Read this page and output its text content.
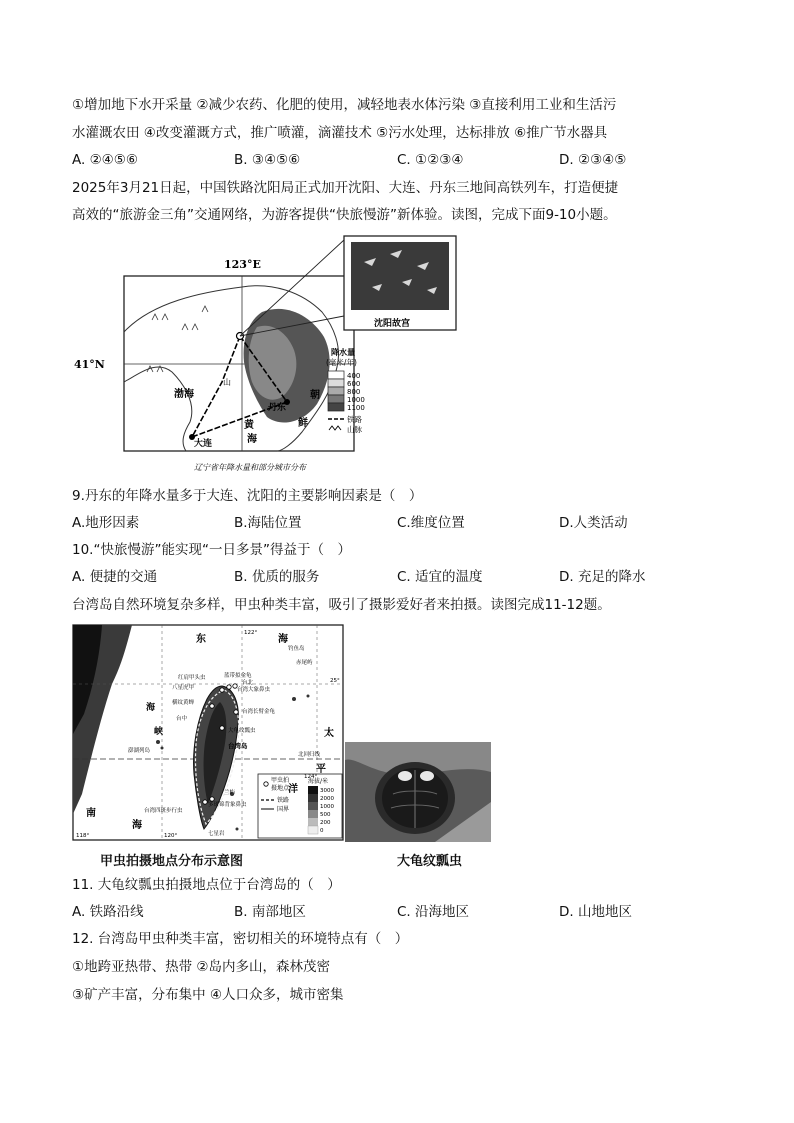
①增加地下水开采量 ②减少农药、化肥的使用，减轻地表水体污染 ③直接利用工业和生活污
水灌溉农田 ④改变灌溉方式，推广喷灌，滴灌技术 ⑤污水处理，达标排放 ⑥推广节水器具
A. ②④⑤⑥	B. ③④⑤⑥	C. ①②③④	D. ②③④⑤
2025年3月21日起，中国铁路沈阳局正式加开沈阳、大连、丹东三地间高铁列车，打造便捷
高效的“旅游金三角”交通网络，为游客提供“快旅慢游”新体验。读图，完成下面9-10小题。
123°E
41°N
沈阳故宫
渤海
黄
海
丹东
大连
山
朝
鲜
降水量
(毫米/年)
400
600
800
1000
1100
铁路
山脉
辽宁省年降水量和部分城市分布
9.丹东的年降水量多于大连、沈阳的主要影响因素是（　）
A.地形因素	B.海陆位置	C.维度位置	D.人类活动
10.“快旅慢游”能实现“一日多景”得益于（　）
A. 便捷的交通	B. 优质的服务	C. 适宜的温度	D. 充足的降水
台湾岛自然环境复杂多样，甲虫种类丰富，吸引了摄影爱好者来拍摄。读图完成11-12题。
东	海
太
平
洋
南
海
海
峡
钓鱼岛
赤尾屿
台北
台中
台湾岛
澎湖列岛
兰屿
七星岩
红肩甲头虫	蓝带拟金龟
台湾大象鼻虫
八星虎甲
横纹黄蝉
台湾长臂金龟
大龟纹瓢虫
台湾四斑步行虫
多斑锦背象鼻虫
25°
北回归线
122°
124°
120°
118°
甲虫拍
摄地点
铁路
国界
海拔/米
3000
2000
1000
500
200
0
甲虫拍摄地点分布示意图	大龟纹瓢虫
11. 大龟纹瓢虫拍摄地点位于台湾岛的（　）
A. 铁路沿线	B. 南部地区	C. 沿海地区	D. 山地地区
12. 台湾岛甲虫种类丰富，密切相关的环境特点有（　）
①地跨亚热带、热带 ②岛内多山，森林茂密
③矿产丰富，分布集中 ④人口众多，城市密集
